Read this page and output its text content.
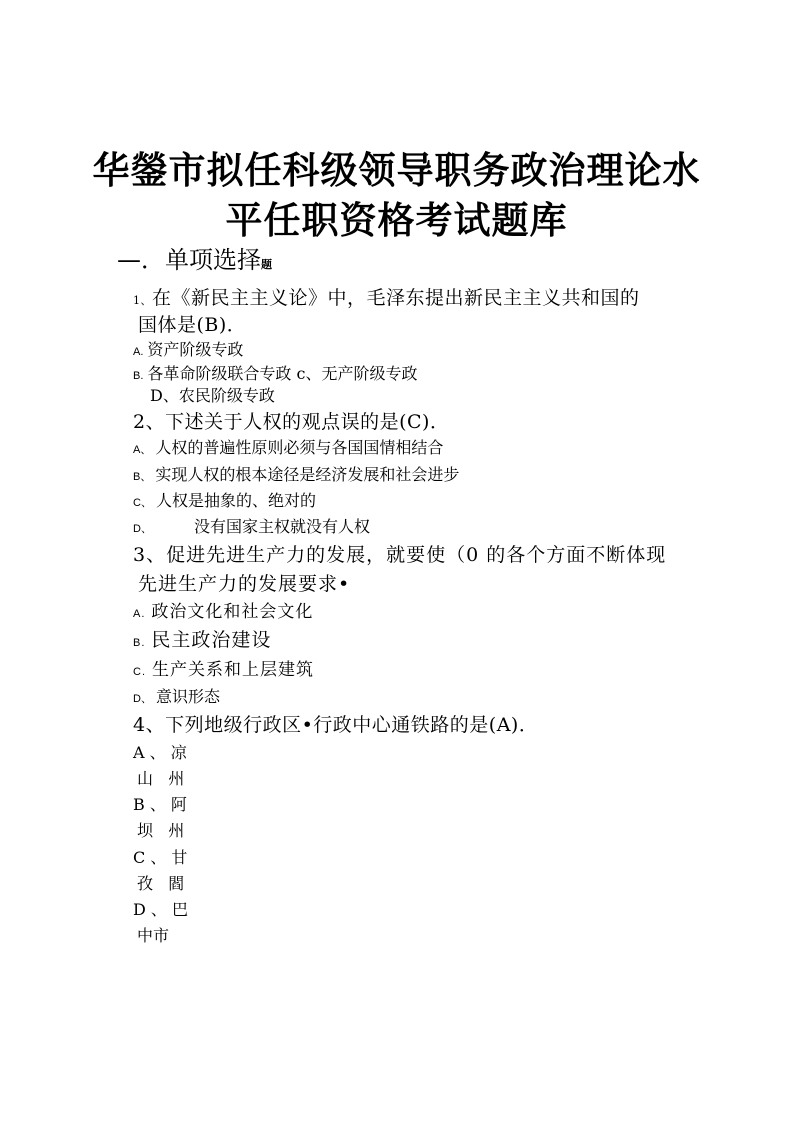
华鎣市拟任科级领导职务政治理论水
平任职资格考试题库
—．单项选择题
1、在《新民主主义论》中，毛泽东提出新民主主义共和国的
国体是(B)．
A. 资产阶级专政
B. 各革命阶级联合专政 c、无产阶级专政
D、农民阶级专政
2、下述关于人权的观点误的是(C)．
A、 人权的普遍性原则必须与各国国情相结合
B、 实现人权的根本途径是经济发展和社会进步
C、 人权是抽象的、绝对的
D、	没有国家主权就没有人权
3、促进先进生产力的发展，就要使（0 的各个方面不断体现
先进生产力的发展要求•
A. 政治文化和社会文化
B. 民主政治建设
C. 生产关系和上层建筑
D、 意识形态
4、下列地级行政区•行政中心通铁路的是(A)．
A 、 凉
山   州
B 、 阿
坝   州
C 、 甘
孜   閻
D 、 巴
中市
